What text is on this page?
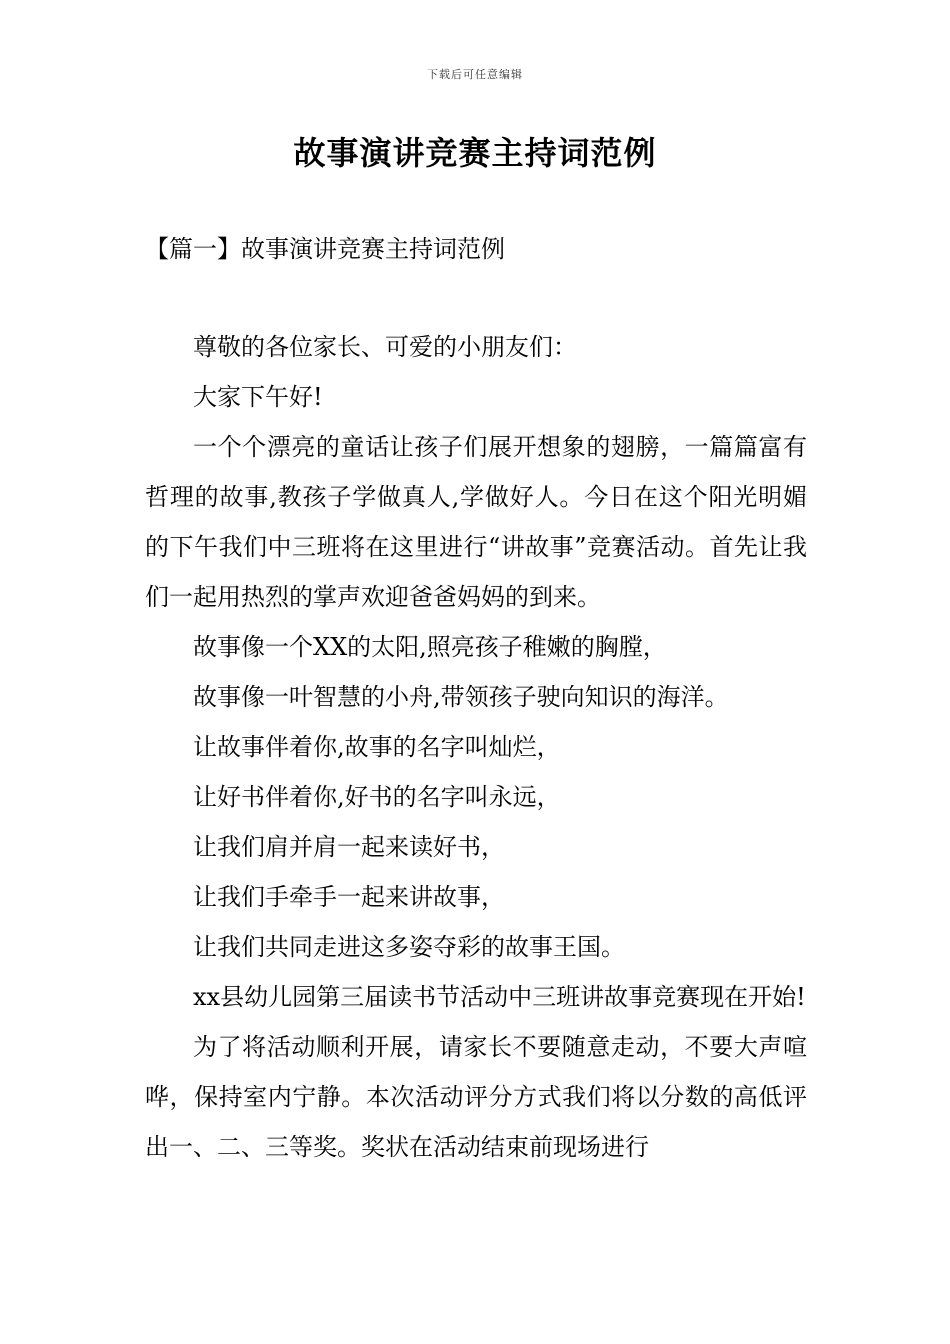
下载后可任意编辑
故事演讲竞赛主持词范例
【篇一】故事演讲竞赛主持词范例

尊敬的各位家长、可爱的小朋友们：

大家下午好!

一个个漂亮的童话让孩子们展开想象的翅膀，一篇篇富有哲理的故事,教孩子学做真人,学做好人。今日在这个阳光明媚的下午我们中三班将在这里进行“讲故事”竞赛活动。首先让我们一起用热烈的掌声欢迎爸爸妈妈的到来。

故事像一个XX的太阳,照亮孩子稚嫩的胸膛，

故事像一叶智慧的小舟,带领孩子驶向知识的海洋。

让故事伴着你,故事的名字叫灿烂，

让好书伴着你,好书的名字叫永远，

让我们肩并肩一起来读好书，

让我们手牵手一起来讲故事，

让我们共同走进这多姿夺彩的故事王国。

xx县幼儿园第三届读书节活动中三班讲故事竞赛现在开始!

为了将活动顺利开展，请家长不要随意走动，不要大声喧哗，保持室内宁静。本次活动评分方式我们将以分数的高低评出一、二、三等奖。奖状在活动结束前现场进行
